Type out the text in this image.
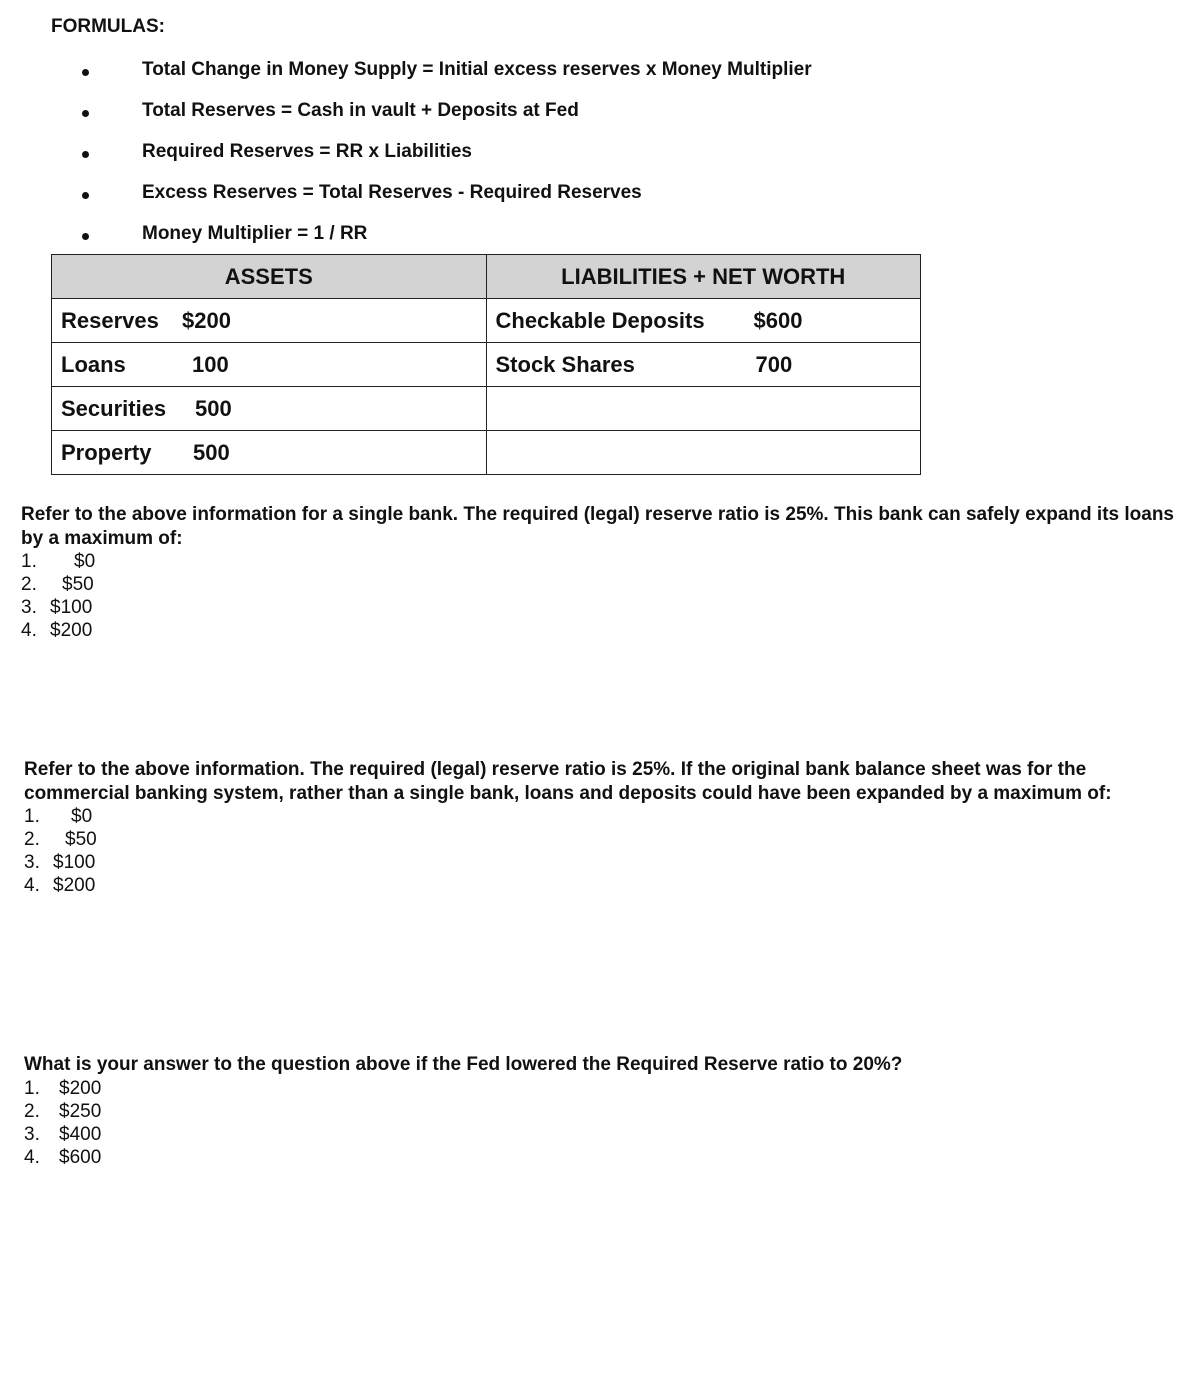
FORMULAS:
Total Change in Money Supply = Initial excess reserves x Money Multiplier
Total Reserves = Cash in vault + Deposits at Fed
Required Reserves = RR x Liabilities
Excess Reserves = Total Reserves - Required Reserves
Money Multiplier = 1 / RR
ASSETS	LIABILITIES + NET WORTH

Reserves $200	Checkable Deposits $600

Loans 100	Stock Shares 700

Securities 500	

Property 500	

Refer to the above information for a single bank. The required (legal) reserve ratio is 25%. This bank can safely expand its loans by a maximum of:

1. $0
2. $50
3. $100
4. $200

Refer to the above information. The required (legal) reserve ratio is 25%. If the original bank balance sheet was for the commercial banking system, rather than a single bank, loans and deposits could have been expanded by a maximum of:

1. $0
2. $50
3. $100
4. $200

What is your answer to the question above if the Fed lowered the Required Reserve ratio to 20%?

1. $200
2. $250
3. $400
4. $600
